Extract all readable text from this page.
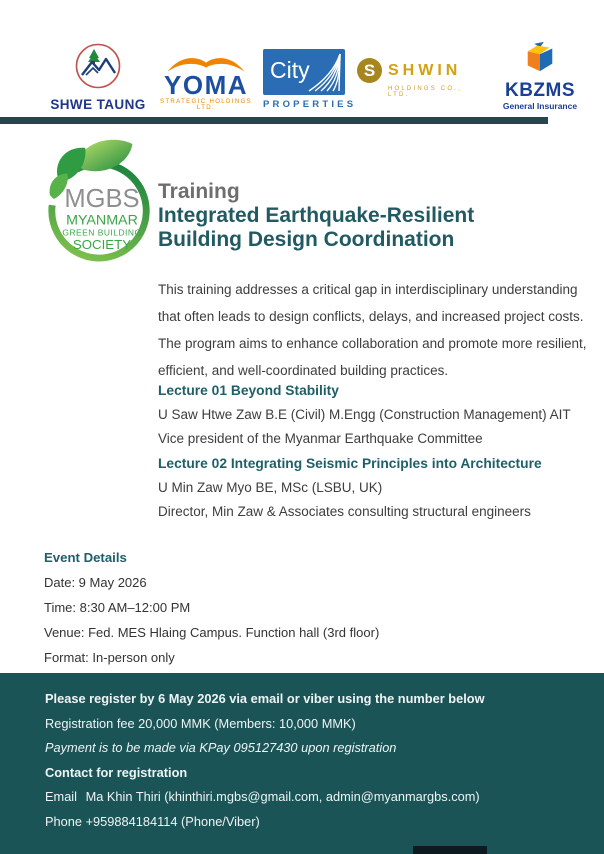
SHWE TAUNG
YOMA
STRATEGIC HOLDINGS LTD.
City
PROPERTIES
S SHWIN
HOLDINGS CO., LTD.	KBZMS
General Insurance
MGBS
MYANMAR
GREEN BUILDING
SOCIETY
Training
Integrated Earthquake-Resilient
Building Design Coordination
This training addresses a critical gap in interdisciplinary understanding
that often leads to design conflicts, delays, and increased project costs.
The program aims to enhance collaboration and promote more resilient,
efficient, and well-coordinated building practices.
Lecture 01 Beyond Stability
U Saw Htwe Zaw B.E (Civil) M.Engg (Construction Management) AIT
Vice president of the Myanmar Earthquake Committee
Lecture 02 Integrating Seismic Principles into Architecture
U Min Zaw Myo BE, MSc (LSBU, UK)
Director, Min Zaw & Associates consulting structural engineers
Event Details
Date: 9 May 2026
Time: 8:30 AM–12:00 PM
Venue: Fed. MES Hlaing Campus. Function hall (3rd floor)
Format: In-person only
Please register by 6 May 2026 via email or viber using the number below
Registration fee 20,000 MMK (Members: 10,000 MMK)
Payment is to be made via KPay 095127430 upon registration
Contact for registration
Email Ma Khin Thiri (khinthiri.mgbs@gmail.com, admin@myanmargbs.com)
Phone +959884184114 (Phone/Viber)
